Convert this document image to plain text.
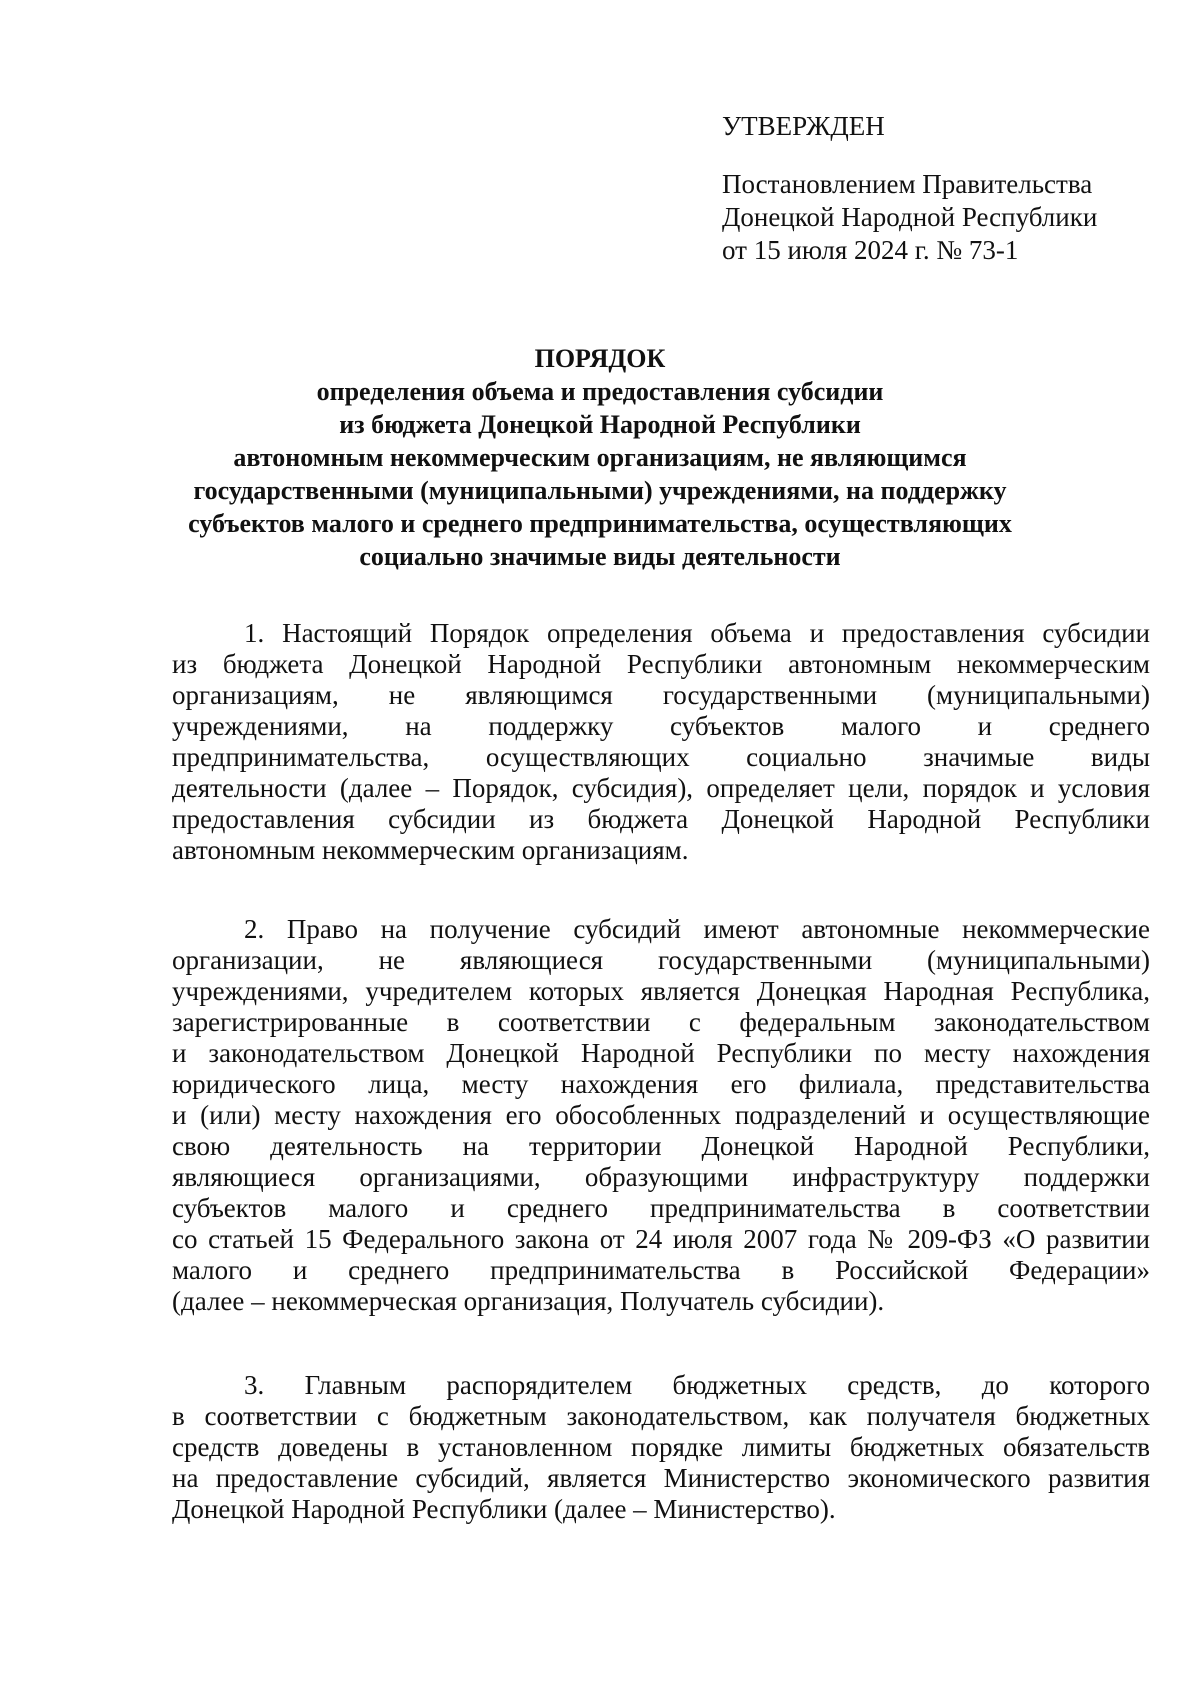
УТВЕРЖДЕН
Постановлением Правительства
Донецкой Народной Республики
от 15 июля 2024 г. № 73-1
ПОРЯДОК
определения объема и предоставления субсидии
из бюджета Донецкой Народной Республики
автономным некоммерческим организациям, не являющимся
государственными (муниципальными) учреждениями, на поддержку
субъектов малого и среднего предпринимательства, осуществляющих
социально значимые виды деятельности
1. Настоящий Порядок определения объема и предоставления субсидии
из бюджета Донецкой Народной Республики автономным некоммерческим
организациям, не являющимся государственными (муниципальными)
учреждениями, на поддержку субъектов малого и среднего
предпринимательства, осуществляющих социально значимые виды
деятельности (далее – Порядок, субсидия), определяет цели, порядок и условия
предоставления субсидии из бюджета Донецкой Народной Республики
автономным некоммерческим организациям.
2. Право на получение субсидий имеют автономные некоммерческие
организации, не являющиеся государственными (муниципальными)
учреждениями, учредителем которых является Донецкая Народная Республика,
зарегистрированные в соответствии с федеральным законодательством
и законодательством Донецкой Народной Республики по месту нахождения
юридического лица, месту нахождения его филиала, представительства
и (или) месту нахождения его обособленных подразделений и осуществляющие
свою деятельность на территории Донецкой Народной Республики,
являющиеся организациями, образующими инфраструктуру поддержки
субъектов малого и среднего предпринимательства в соответствии
со статьей 15 Федерального закона от 24 июля 2007 года № 209-ФЗ «О развитии
малого и среднего предпринимательства в Российской Федерации»
(далее – некоммерческая организация, Получатель субсидии).
3. Главным распорядителем бюджетных средств, до которого
в соответствии с бюджетным законодательством, как получателя бюджетных
средств доведены в установленном порядке лимиты бюджетных обязательств
на предоставление субсидий, является Министерство экономического развития
Донецкой Народной Республики (далее – Министерство).
